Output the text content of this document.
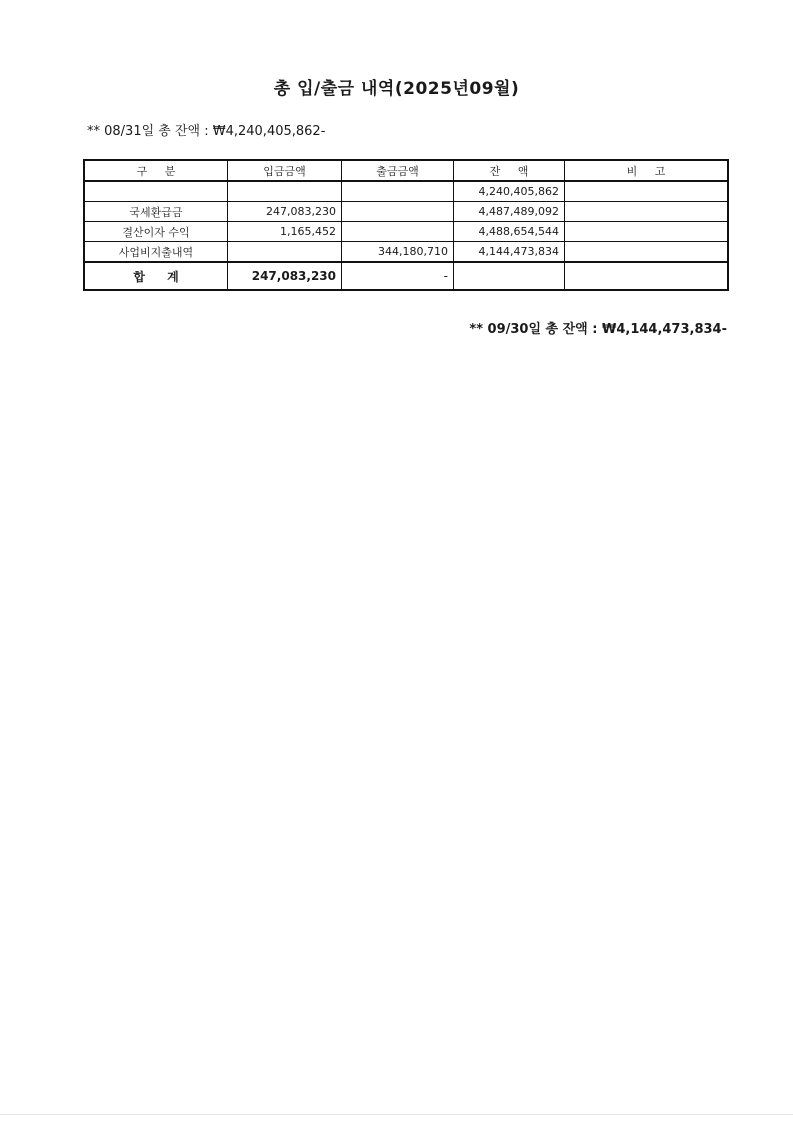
총 입/출금 내역(2025년09월)
** 08/31일 총 잔액 : ₩4,240,405,862-
구 분	입금금액	출금금액	잔 액	비 고
			4,240,405,862	
국세환급금	247,083,230		4,487,489,092	
결산이자 수익	1,165,452		4,488,654,544	
사업비지출내역		344,180,710	4,144,473,834	
합 계	247,083,230	-		
** 09/30일 총 잔액 : ₩4,144,473,834-
